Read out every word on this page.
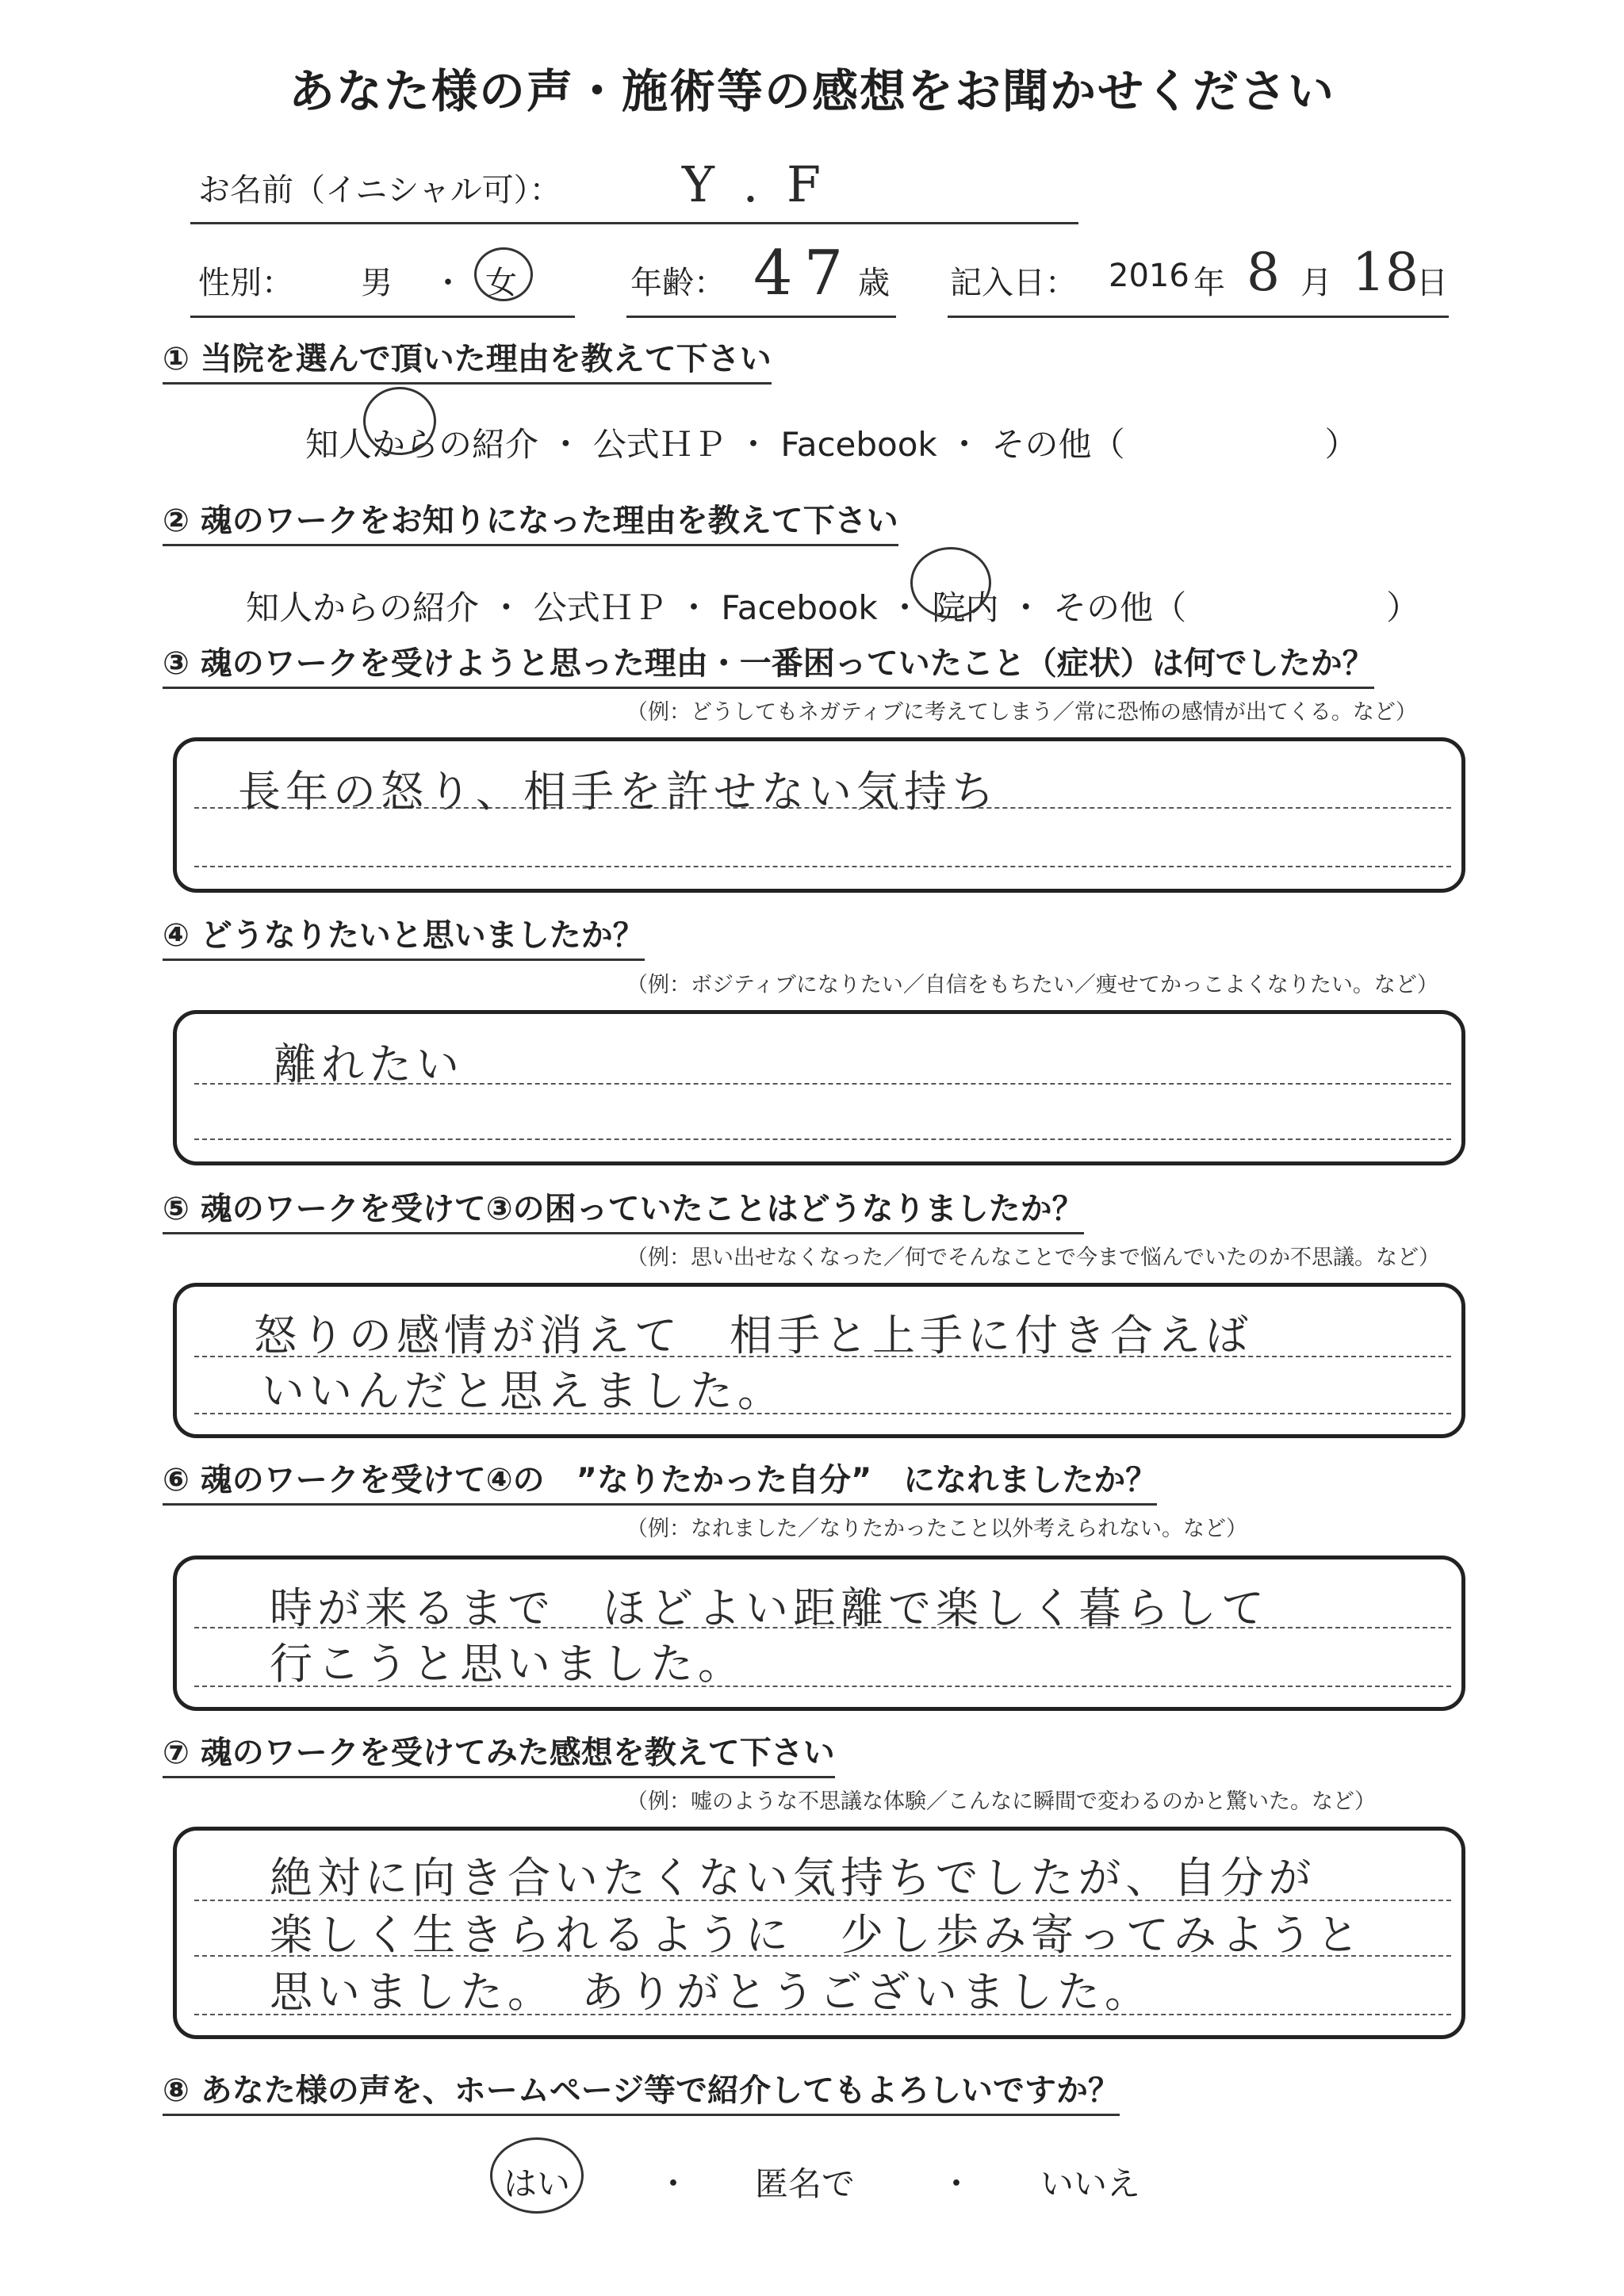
あなた様の声・施術等の感想をお聞かせください
お名前（イニシャル可）： Y . F
性別： 男 ・ 女	年齢： 47 歳 記入日： 2016 年 8 月 18
日
① 当院を選んで頂いた理由を教えて下さい
知人からの紹介 ・ 公式ＨＰ ・ Facebook ・ その他（　　　　　　）
② 魂のワークをお知りになった理由を教えて下さい
知人からの紹介 ・ 公式ＨＰ ・ Facebook ・ 院内 ・ その他（　　　　　　）
③ 魂のワークを受けようと思った理由・一番困っていたこと（症状）は何でしたか？
（例：どうしてもネガティブに考えてしまう／常に恐怖の感情が出てくる。など）
長年の怒り、相手を許せない気持ち
④ どうなりたいと思いましたか？
（例：ボジティブになりたい／自信をもちたい／痩せてかっこよくなりたい。など）
離れたい
⑤ 魂のワークを受けて③の困っていたことはどうなりましたか？
（例：思い出せなくなった／何でそんなことで今まで悩んでいたのか不思議。など）
怒りの感情が消えて　相手と上手に付き合えば
いいんだと思えました。
⑥ 魂のワークを受けて④の　”なりたかった自分”　になれましたか？
（例：なれました／なりたかったこと以外考えられない。など）
時が来るまで　ほどよい距離で楽しく暮らして
行こうと思いました。
⑦ 魂のワークを受けてみた感想を教えて下さい
（例：嘘のような不思議な体験／こんなに瞬間で変わるのかと驚いた。など）
絶対に向き合いたくない気持ちでしたが、自分が
楽しく生きられるように　少し歩み寄ってみようと
思いました。　ありがとうございました。
⑧ あなた様の声を、ホームページ等で紹介してもよろしいですか？
はい	・ 匿名で	・ いいえ
